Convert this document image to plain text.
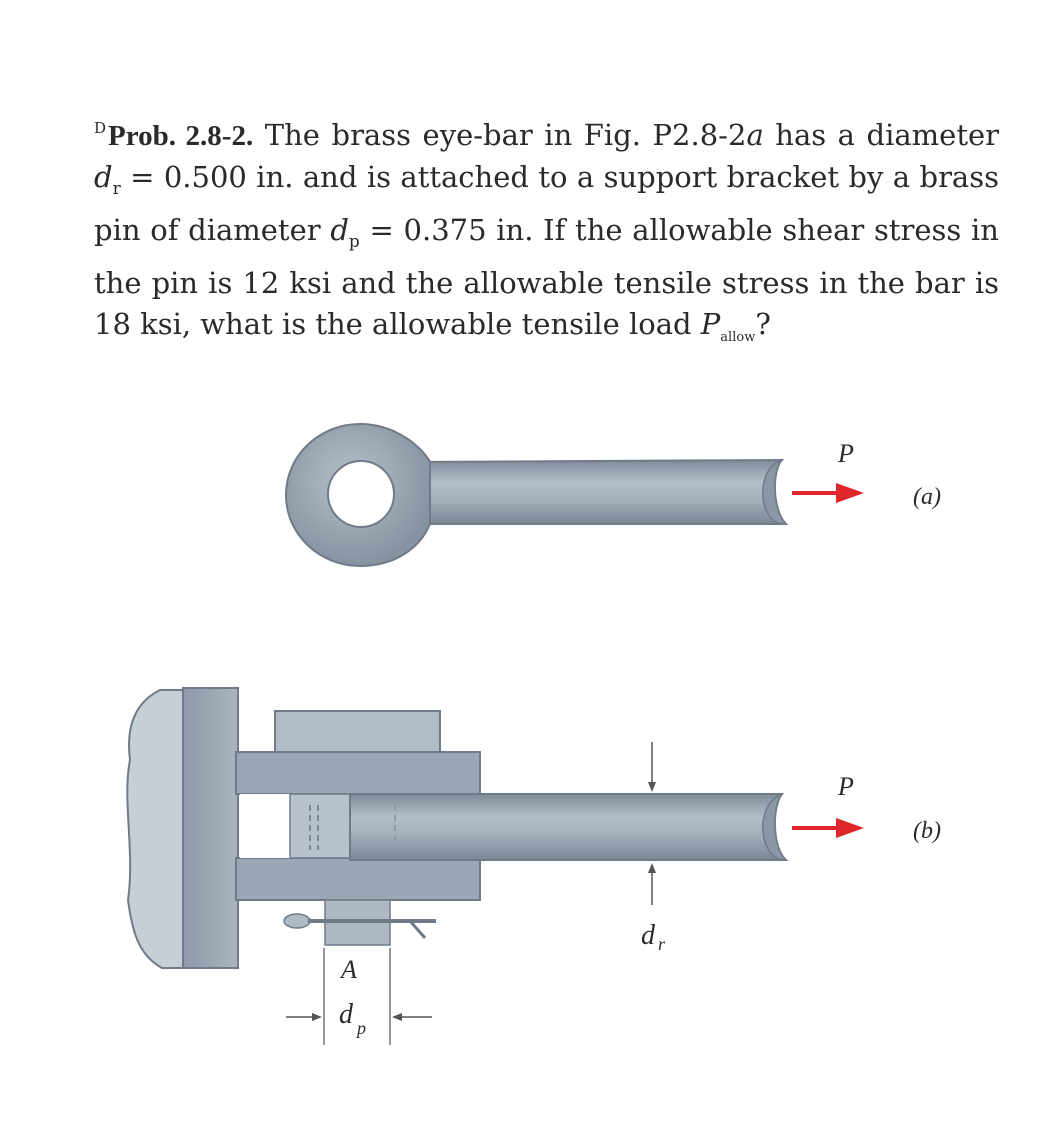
$^D$Prob. 2.8-2. The brass eye-bar in Fig. P2.8-2a has a diameter $d_r = 0.500$ in. and is attached to a support bracket by a brass pin of diameter $d_p = 0.375$ in. If the allowable shear stress in the pin is 12 ksi and the allowable tensile stress in the bar is 18 ksi, what is the allowable tensile load $P_{allow}$?
P
(a)
P
(b)
d r
A
d p
